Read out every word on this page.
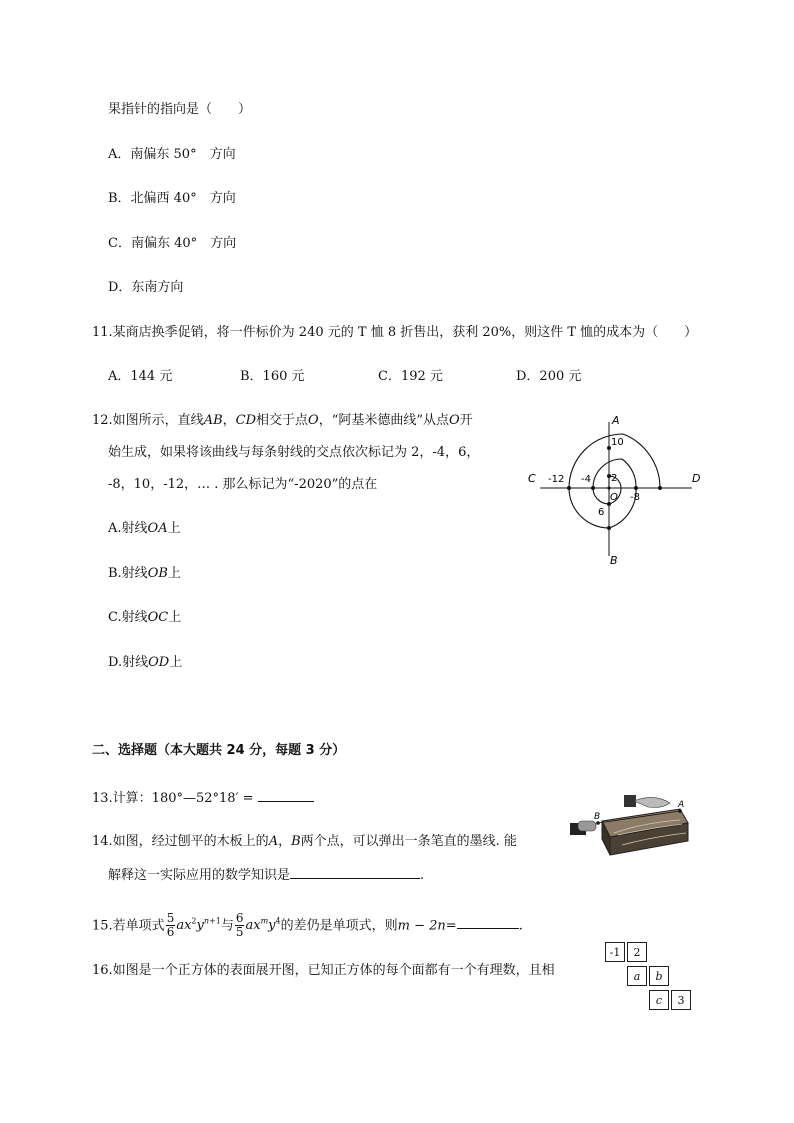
果指针的指向是（　　）
A．南偏东 50°　方向
B．北偏西 40°　方向
C．南偏东 40°　方向
D．东南方向
11.某商店换季促销，将一件标价为 240 元的 T 恤 8 折售出，获利 20%，则这件 T 恤的成本为（　　）
A．144 元	B．160 元	C．192 元	D．200 元
12.如图所示，直线AB，CD相交于点O，“阿基米德曲线”从点O开
始生成，如果将该曲线与每条射线的交点依次标记为 2，-4，6，
-8，10，-12，… . 那么标记为“-2020”的点在
A.射线OA上
B.射线OB上
C.射线OC上
D.射线OD上
A
B
C	D
O
10
2
-12 -4
-8
6
二、选择题（本大题共 24 分，每题 3 分）
13.计算：180°—52°18′ =
14.如图，经过刨平的木板上的A，B两个点，可以弹出一条笔直的墨线. 能
解释这一实际应用的数学知识是	.
B
A
15.若单项式 $\frac{5}{6} ax^2y^{n+1}$与 $\frac{6}{5} ax^my^4$的差仍是单项式，则m − 2n=	.
16.如图是一个正方体的表面展开图，已知正方体的每个面都有一个有理数，且相
-1	2
a	b
c	3
